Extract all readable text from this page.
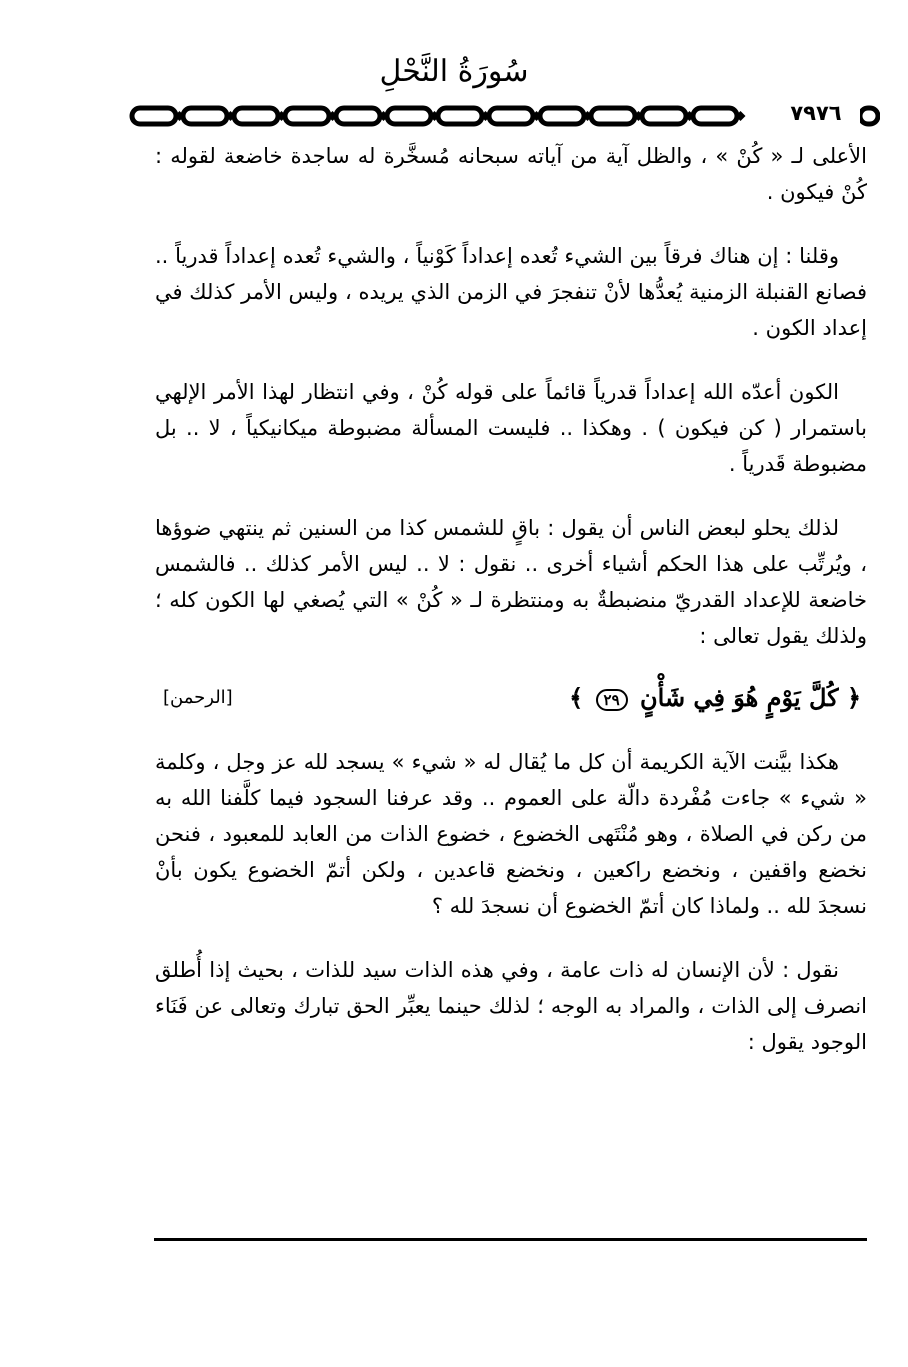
سُورَةُ النَّحْلِ
٧٩٧٦

الأعلى لـ « كُنْ » ، والظل آية من آياته سبحانه مُسخَّرة له ساجدة خاضعة لقوله : كُنْ فيكون .

وقلنا : إن هناك فرقاً بين الشيء تُعده إعداداً كَوْنياً ، والشيء تُعده إعداداً قدرياً .. فصانع القنبلة الزمنية يُعدُّها لأنْ تنفجرَ في الزمن الذي يريده ، وليس الأمر كذلك في إعداد الكون .

الكون أعدّه الله إعداداً قدرياً قائماً على قوله كُنْ ، وفي انتظار لهذا الأمر الإلهي باستمرار ( كن فيكون ) . وهكذا .. فليست المسألة مضبوطة ميكانيكياً ، لا .. بل مضبوطة قَدرياً .

لذلك يحلو لبعض الناس أن يقول : باقٍ للشمس كذا من السنين ثم ينتهي ضوؤها ، ويُرتِّب على هذا الحكم أشياء أخرى .. نقول : لا .. ليس الأمر كذلك .. فالشمس خاضعة للإعداد القدريّ منضبطةٌ به ومنتظرة لـ « كُنْ » التي يُصغي لها الكون كله ؛ ولذلك يقول تعالى :

﴿ كُلَّ يَوْمٍ هُوَ فِي شَأْنٍ ٢٩ ﴾
[الرحمن]

هكذا بيَّنت الآية الكريمة أن كل ما يُقال له « شيء » يسجد لله عز وجل ، وكلمة « شيء » جاءت مُفْردة دالّة على العموم .. وقد عرفنا السجود فيما كلَّفنا الله به من ركن في الصلاة ، وهو مُنْتَهى الخضوع ، خضوع الذات من العابد للمعبود ، فنحن نخضع واقفين ، ونخضع راكعين ، ونخضع قاعدين ، ولكن أتمّ الخضوع يكون بأنْ نسجدَ لله .. ولماذا كان أتمّ الخضوع أن نسجدَ لله ؟

نقول : لأن الإنسان له ذات عامة ، وفي هذه الذات سيد للذات ، بحيث إذا أُطلق انصرف إلى الذات ، والمراد به الوجه ؛ لذلك حينما يعبِّر الحق تبارك وتعالى عن فَنَاء الوجود يقول :
